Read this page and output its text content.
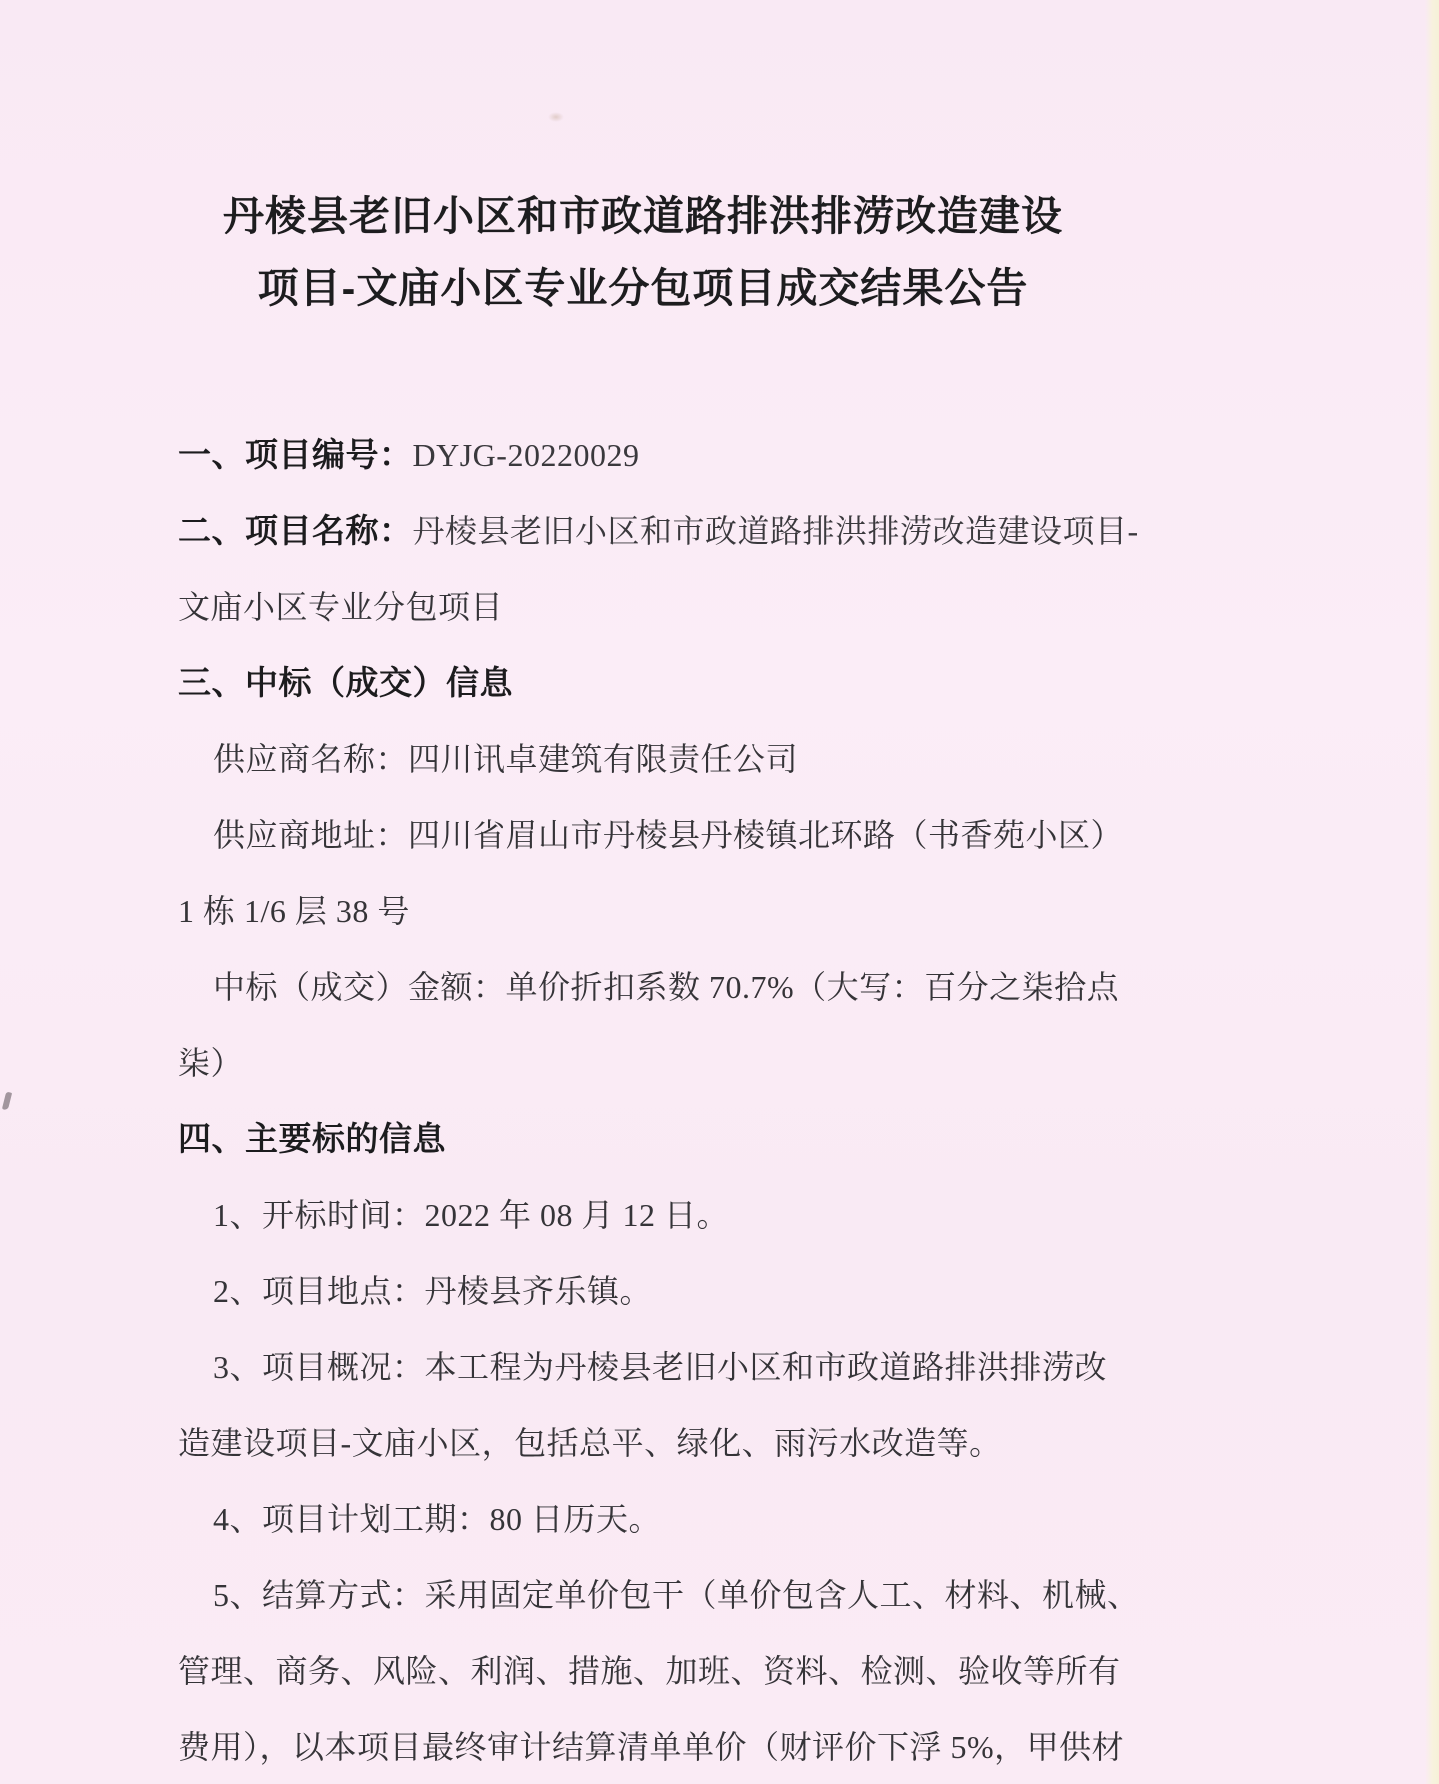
丹棱县老旧小区和市政道路排洪排涝改造建设
项目-文庙小区专业分包项目成交结果公告
一、项目编号：DYJG-20220029
二、项目名称：丹棱县老旧小区和市政道路排洪排涝改造建设项目-
文庙小区专业分包项目
三、中标（成交）信息
供应商名称：四川讯卓建筑有限责任公司
供应商地址：四川省眉山市丹棱县丹棱镇北环路（书香苑小区）
1 栋 1/6 层 38 号
中标（成交）金额：单价折扣系数 70.7%（大写：百分之柒拾点
柒）
四、主要标的信息
1、开标时间：2022 年 08 月 12 日。
2、项目地点：丹棱县齐乐镇。
3、项目概况：本工程为丹棱县老旧小区和市政道路排洪排涝改
造建设项目-文庙小区，包括总平、绿化、雨污水改造等。
4、项目计划工期：80 日历天。
5、结算方式：采用固定单价包干（单价包含人工、材料、机械、
管理、商务、风险、利润、措施、加班、资料、检测、验收等所有
费用），以本项目最终审计结算清单单价（财评价下浮 5%，甲供材
